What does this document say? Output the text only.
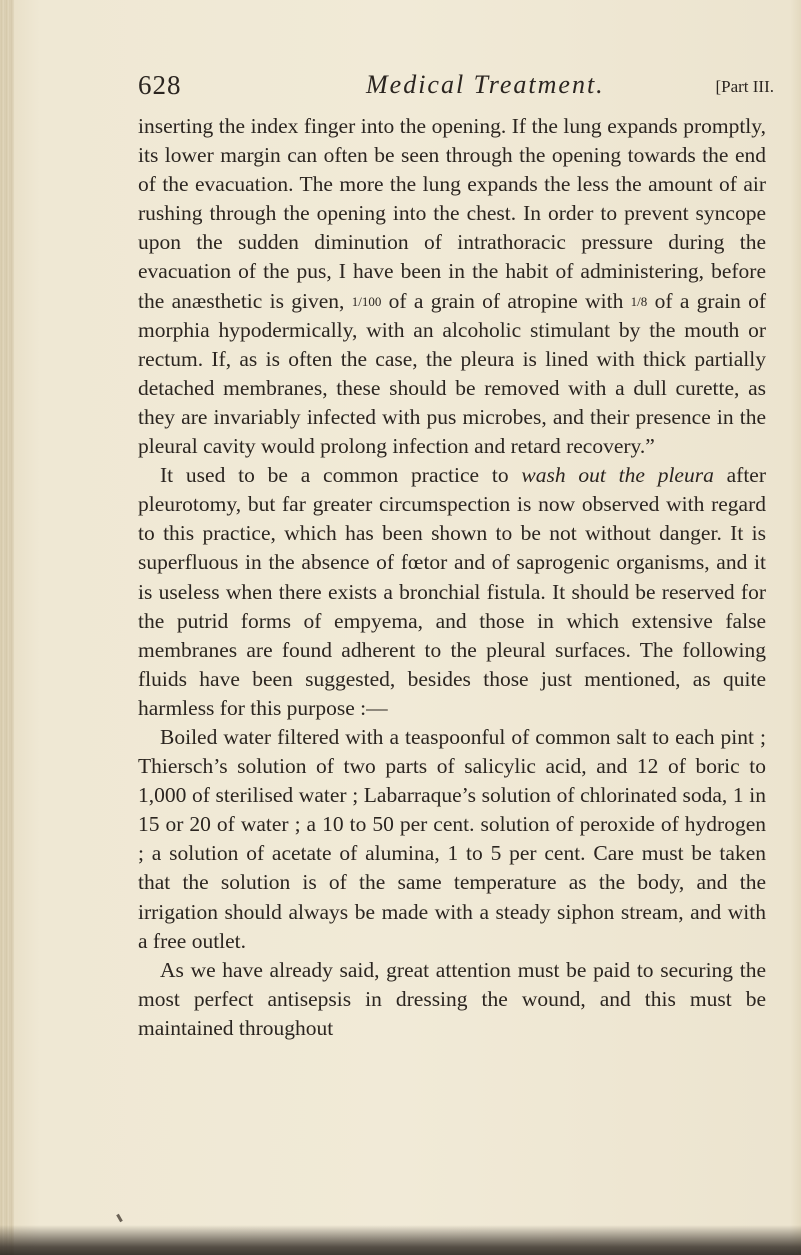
628	Medical Treatment.	[Part III.

inserting the index finger into the opening. If the lung expands promptly, its lower margin can often be seen through the opening towards the end of the evacuation. The more the lung expands the less the amount of air rushing through the opening into the chest. In order to prevent syncope upon the sudden diminution of intrathoracic pressure during the evacuation of the pus, I have been in the habit of administering, before the anæsthetic is given, 1/100 of a grain of atropine with 1/8 of a grain of morphia hypodermically, with an alcoholic stimulant by the mouth or rectum. If, as is often the case, the pleura is lined with thick partially detached membranes, these should be removed with a dull curette, as they are invariably infected with pus microbes, and their presence in the pleural cavity would prolong infection and retard recovery.”

It used to be a common practice to wash out the pleura after pleurotomy, but far greater circumspection is now observed with regard to this practice, which has been shown to be not without danger. It is superfluous in the absence of fœtor and of saprogenic organisms, and it is useless when there exists a bronchial fistula. It should be reserved for the putrid forms of empyema, and those in which extensive false membranes are found adherent to the pleural surfaces. The following fluids have been suggested, besides those just mentioned, as quite harmless for this purpose :—

Boiled water filtered with a teaspoonful of common salt to each pint ; Thiersch’s solution of two parts of salicylic acid, and 12 of boric to 1,000 of sterilised water ; Labarraque’s solution of chlorinated soda, 1 in 15 or 20 of water ; a 10 to 50 per cent. solution of peroxide of hydrogen ; a solution of acetate of alumina, 1 to 5 per cent. Care must be taken that the solution is of the same temperature as the body, and the irrigation should always be made with a steady siphon stream, and with a free outlet.

As we have already said, great attention must be paid to securing the most perfect antisepsis in dressing the wound, and this must be maintained throughout
